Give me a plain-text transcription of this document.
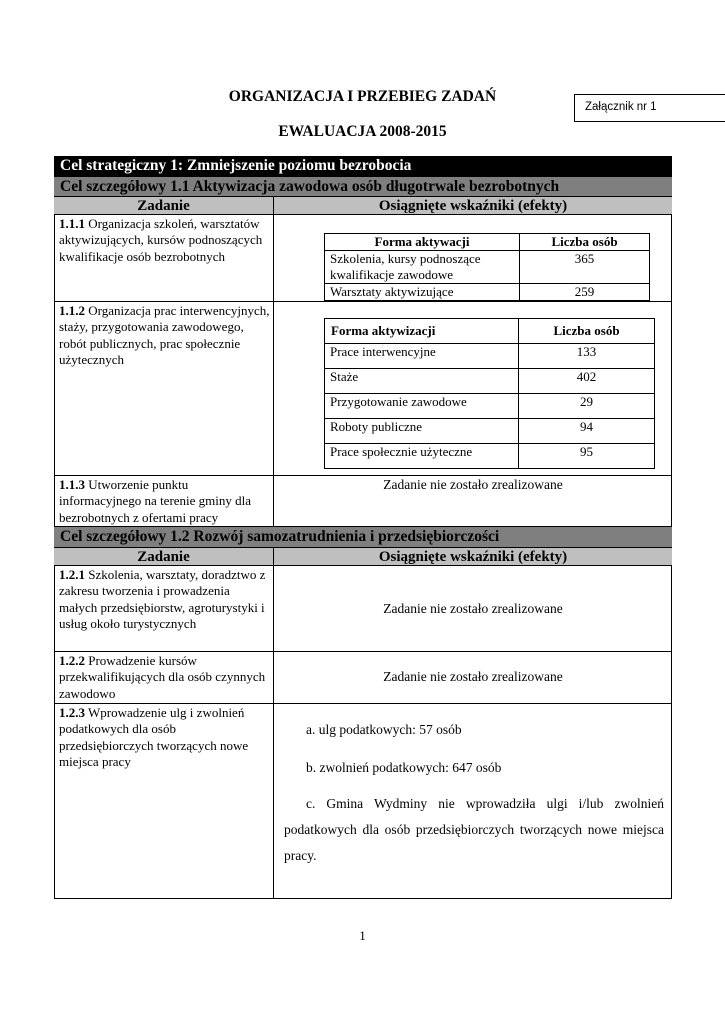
ORGANIZACJA I PRZEBIEG ZADAŃ
EWALUACJA 2008-2015
Załącznik nr 1
Cel strategiczny 1: Zmniejszenie poziomu bezrobocia
Cel szczegółowy 1.1 Aktywizacja zawodowa osób długotrwale bezrobotnych
Zadanie	Osiągnięte wskaźniki (efekty)
1.1.1 Organizacja szkoleń, warsztatów aktywizujących, kursów podnoszących kwalifikacje osób bezrobotnych
Forma aktywacji	Liczba osób
Szkolenia, kursy podnoszące kwalifikacje zawodowe	365
Warsztaty aktywizujące	259
1.1.2 Organizacja prac interwencyjnych, staży, przygotowania zawodowego, robót publicznych, prac społecznie użytecznych
Forma aktywizacji	Liczba osób
Prace interwencyjne	133
Staże	402
Przygotowanie zawodowe	29
Roboty publiczne	94
Prace społecznie użyteczne	95
1.1.3 Utworzenie punktu informacyjnego na terenie gminy dla bezrobotnych z ofertami pracy
Zadanie nie zostało zrealizowane
Cel szczegółowy 1.2 Rozwój samozatrudnienia i przedsiębiorczości
Zadanie	Osiągnięte wskaźniki (efekty)
1.2.1 Szkolenia, warsztaty, doradztwo z zakresu tworzenia i prowadzenia małych przedsiębiorstw, agroturystyki i usług około turystycznych
Zadanie nie zostało zrealizowane
1.2.2 Prowadzenie kursów przekwalifikujących dla osób czynnych zawodowo
Zadanie nie zostało zrealizowane
1.2.3 Wprowadzenie ulg i zwolnień podatkowych dla osób przedsiębiorczych tworzących nowe miejsca pracy
a. ulg podatkowych: 57 osób
b. zwolnień podatkowych: 647 osób
c. Gmina Wydminy nie wprowadziła ulgi i/lub zwolnień podatkowych dla osób przedsiębiorczych tworzących nowe miejsca pracy.
1
